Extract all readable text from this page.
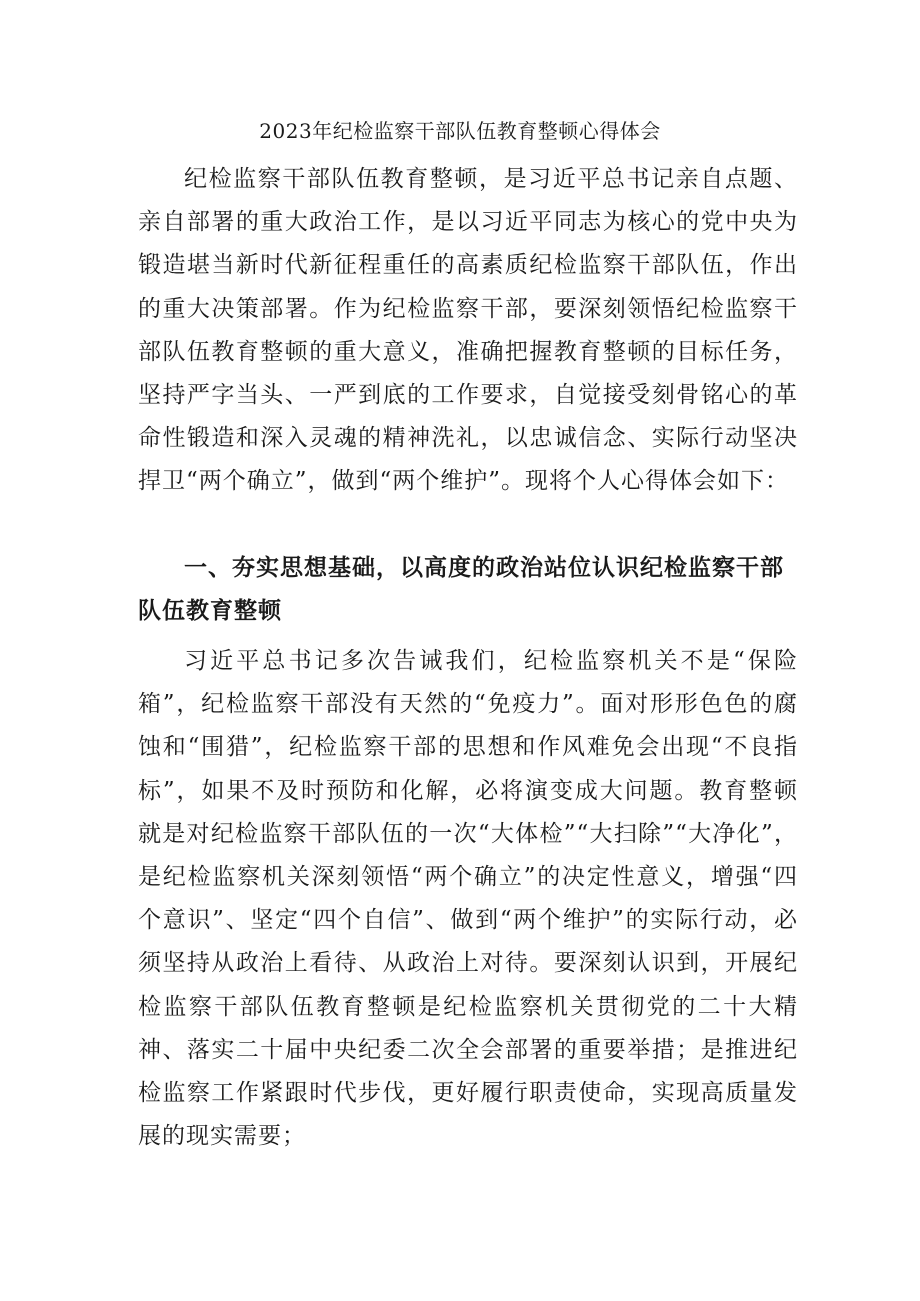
2023年纪检监察干部队伍教育整顿心得体会

纪检监察干部队伍教育整顿，是习近平总书记亲自点题、亲自部署的重大政治工作，是以习近平同志为核心的党中央为锻造堪当新时代新征程重任的高素质纪检监察干部队伍，作出的重大决策部署。作为纪检监察干部，要深刻领悟纪检监察干部队伍教育整顿的重大意义，准确把握教育整顿的目标任务，坚持严字当头、一严到底的工作要求，自觉接受刻骨铭心的革命性锻造和深入灵魂的精神洗礼，以忠诚信念、实际行动坚决捍卫“两个确立”，做到“两个维护”。现将个人心得体会如下：

一、夯实思想基础，以高度的政治站位认识纪检监察干部队伍教育整顿

习近平总书记多次告诫我们，纪检监察机关不是“保险箱”，纪检监察干部没有天然的“免疫力”。面对形形色色的腐蚀和“围猎”，纪检监察干部的思想和作风难免会出现“不良指标”，如果不及时预防和化解，必将演变成大问题。教育整顿就是对纪检监察干部队伍的一次“大体检”“大扫除”“大净化”，是纪检监察机关深刻领悟“两个确立”的决定性意义，增强“四个意识”、坚定“四个自信”、做到“两个维护”的实际行动，必须坚持从政治上看待、从政治上对待。要深刻认识到，开展纪检监察干部队伍教育整顿是纪检监察机关贯彻党的二十大精神、落实二十届中央纪委二次全会部署的重要举措；是推进纪检监察工作紧跟时代步伐，更好履行职责使命，实现高质量发展的现实需要；
